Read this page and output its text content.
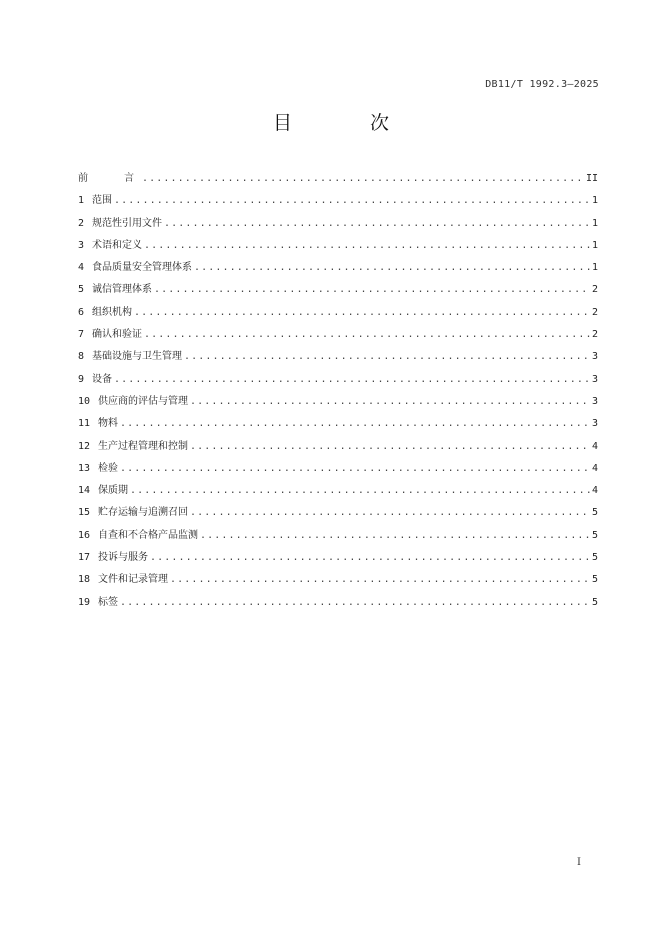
DB11/T 1992.3—2025
目 次
前言 .....	II
1 范围 .....	1
2 规范性引用文件 .....	1
3 术语和定义 .....	1
4 食品质量安全管理体系 .....	1
5 诚信管理体系 .....	2
6 组织机构 .....	2
7 确认和验证 .....	2
8 基础设施与卫生管理 .....	3
9 设备 .....	3
10 供应商的评估与管理 .....	3
11 物料 .....	3
12 生产过程管理和控制 .....	4
13 检验 .....	4
14 保质期 .....	4
15 贮存运输与追溯召回 .....	5
16 自查和不合格产品监测 .....	5
17 投诉与服务 .....	5
18 文件和记录管理 .....	5
19 标签 .....	5
I
